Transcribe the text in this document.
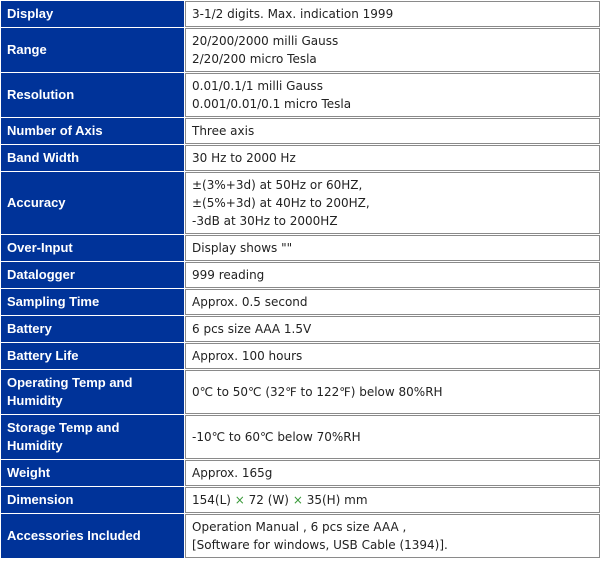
Display	3-1/2 digits. Max. indication 1999

Range	20/200/2000 milli Gauss
2/20/200 micro Tesla

Resolution	0.01/0.1/1 milli Gauss
0.001/0.01/0.1 micro Tesla

Number of Axis	Three axis

Band Width	30 Hz to 2000 Hz

Accuracy	±(3%+3d) at 50Hz or 60HZ,
±(5%+3d) at 40Hz to 200HZ,
-3dB at 30Hz to 2000HZ

Over-Input	Display shows ""

Datalogger	999 reading

Sampling Time	Approx. 0.5 second

Battery	6 pcs size AAA 1.5V

Battery Life	Approx. 100 hours

Operating Temp and
Humidity	0℃ to 50℃ (32℉ to 122℉) below 80%RH

Storage Temp and
Humidity	-10℃ to 60℃ below 70%RH

Weight	Approx. 165g

Dimension	154(L) × 72 (W) × 35(H) mm

Accessories Included	Operation Manual , 6 pcs size AAA ,
[Software for windows, USB Cable (1394)].
